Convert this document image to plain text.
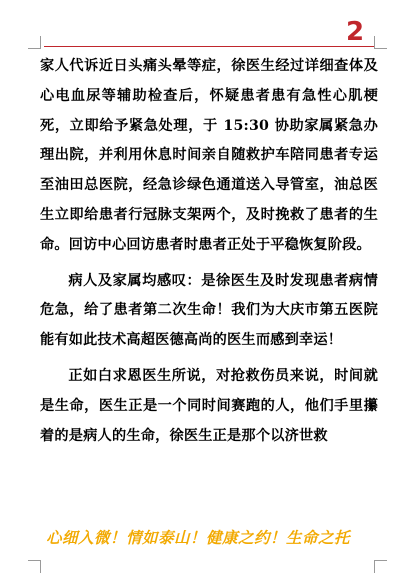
2

家人代诉近日头痛头晕等症，徐医生经过详细查体及心电血尿等辅助检查后，怀疑患者患有急性心肌梗死，立即给予紧急处理，于 15:30 协助家属紧急办理出院，并利用休息时间亲自随救护车陪同患者专运至油田总医院，经急诊绿色通道送入导管室，油总医生立即给患者行冠脉支架两个，及时挽救了患者的生命。回访中心回访患者时患者正处于平稳恢复阶段。

病人及家属均感叹：是徐医生及时发现患者病情危急，给了患者第二次生命！我们为大庆市第五医院能有如此技术高超医德高尚的医生而感到幸运！

正如白求恩医生所说，对抢救伤员来说，时间就是生命，医生正是一个同时间赛跑的人，他们手里攥着的是病人的生命，徐医生正是那个以济世救

心细入微！情如泰山！健康之约！生命之托
